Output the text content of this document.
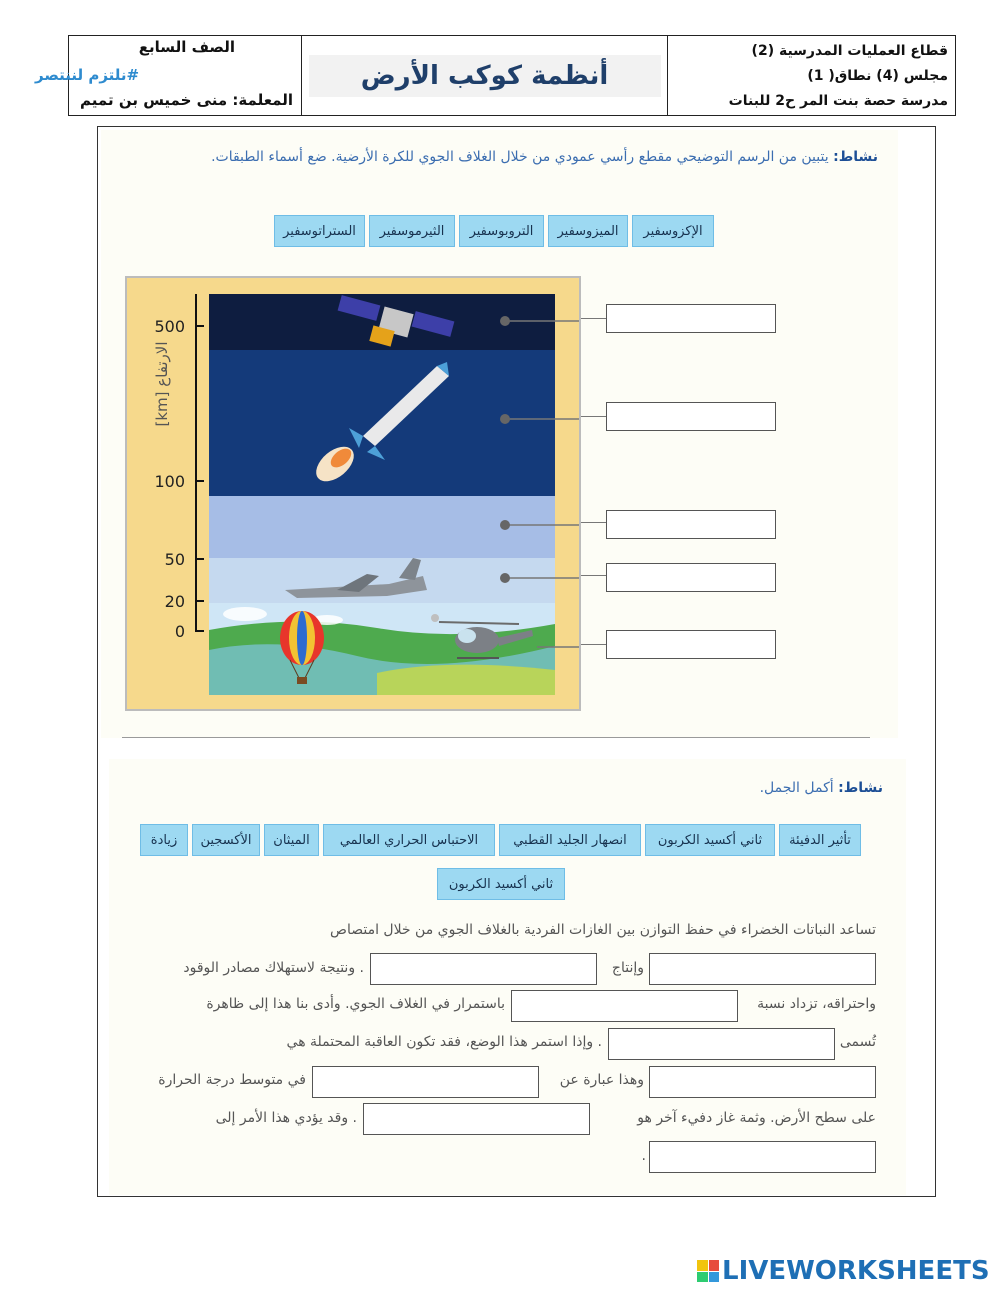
الصف السابع
#نلتزم لننتصر
المعلمة: منى خميس بن تميم
أنظمة كوكب الأرض
قطاع العمليات المدرسية (2)
مجلس (4) نطاق( 1)
مدرسة حصة بنت المر ح2 للبنات
نشاط: يتبين من الرسم التوضيحي مقطع رأسي عمودي من خلال الغلاف الجوي للكرة الأرضية. ضع أسماء الطبقات.
الإكزوسفير
الميزوسفير
التروبوسفير
الثيرموسفير
الستراتوسفير
500
100
50
20
0
[km] الارتفاع
نشاط: أكمل الجمل.
تأثير الدفيئة
ثاني أكسيد الكربون
انصهار الجليد القطبي
الاحتباس الحراري العالمي
الميثان
الأكسجين
زيادة
ثاني أكسيد الكربون
تساعد النباتات الخضراء في حفظ التوازن بين الغازات الفردية بالغلاف الجوي من خلال امتصاص
وإنتاج
. ونتيجة لاستهلاك مصادر الوقود
واحتراقه، تزداد نسبة
باستمرار في الغلاف الجوي. وأدى بنا هذا إلى ظاهرة
تُسمى
. وإذا استمر هذا الوضع، فقد تكون العاقبة المحتملة هي
وهذا عبارة عن
في متوسط درجة الحرارة
على سطح الأرض. وثمة غاز دفيء آخر هو
. وقد يؤدي هذا الأمر إلى
.
LIVEWORKSHEETS
